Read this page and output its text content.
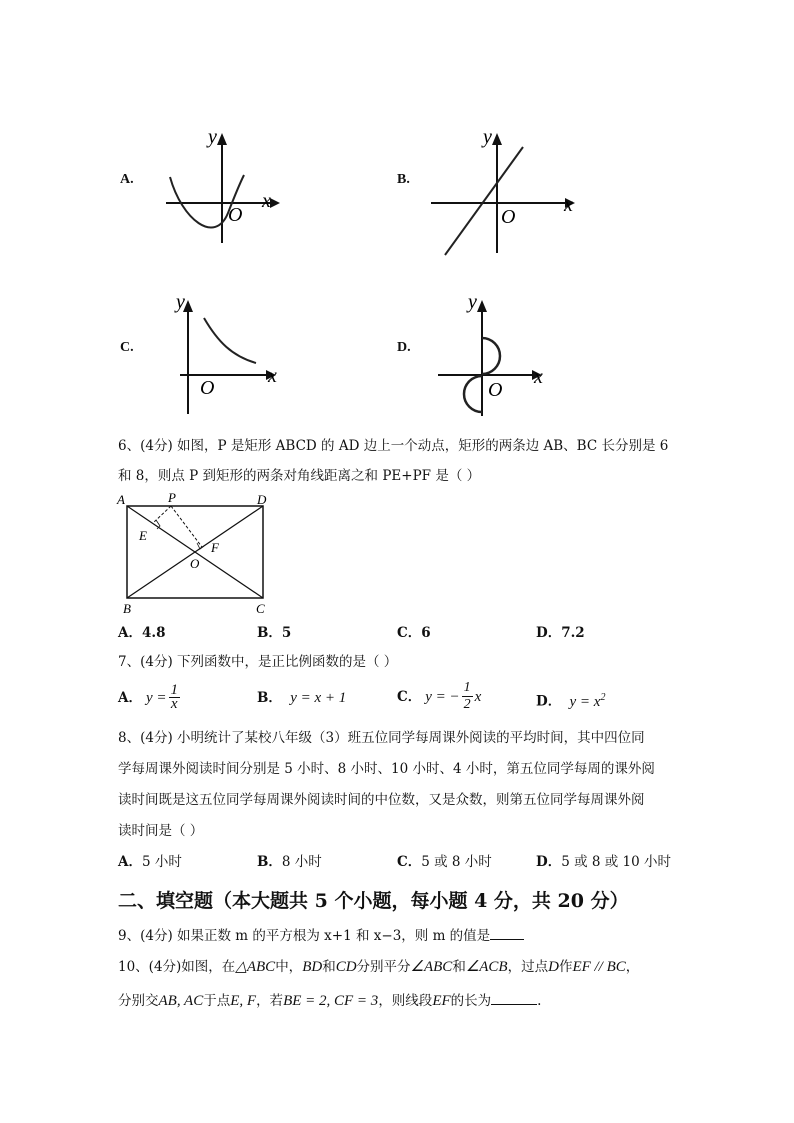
A.
y
x
O
B.
y
x
O
C.
y
x
O
D.
y
x
O
6、(4分) 如图，P 是矩形 ABCD 的 AD 边上一个动点，矩形的两条边 AB、BC 长分别是 6
和 8，则点 P 到矩形的两条对角线距离之和 PE+PF 是（ ）
A	P	D
E
F
O
B	C
A．4.8	B．5	C．6	D．7.2
7、(4分) 下列函数中，是正比例函数的是（ ）
A． $y = \frac{1}{x}$	B． y = x + 1	C． y = − $\frac{1}{2}$ x	D． $y = x^2$
8、(4分) 小明统计了某校八年级（3）班五位同学每周课外阅读的平均时间，其中四位同
学每周课外阅读时间分别是 5 小时、8 小时、10 小时、4 小时，第五位同学每周的课外阅
读时间既是这五位同学每周课外阅读时间的中位数，又是众数，则第五位同学每周课外阅
读时间是（ ）
A．5 小时	B．8 小时	C．5 或 8 小时	D．5 或 8 或 10 小时
二、填空题（本大题共 5 个小题，每小题 4 分，共 20 分）
9、(4分) 如果正数 m 的平方根为 x+1 和 x−3，则 m 的值是
10、(4分)如图，在△ABC中，BD和CD分别平分∠ABC和∠ACB，过点D作EF // BC，
分别交AB, AC于点E, F，若BE = 2, CF = 3，则线段EF的长为	.
